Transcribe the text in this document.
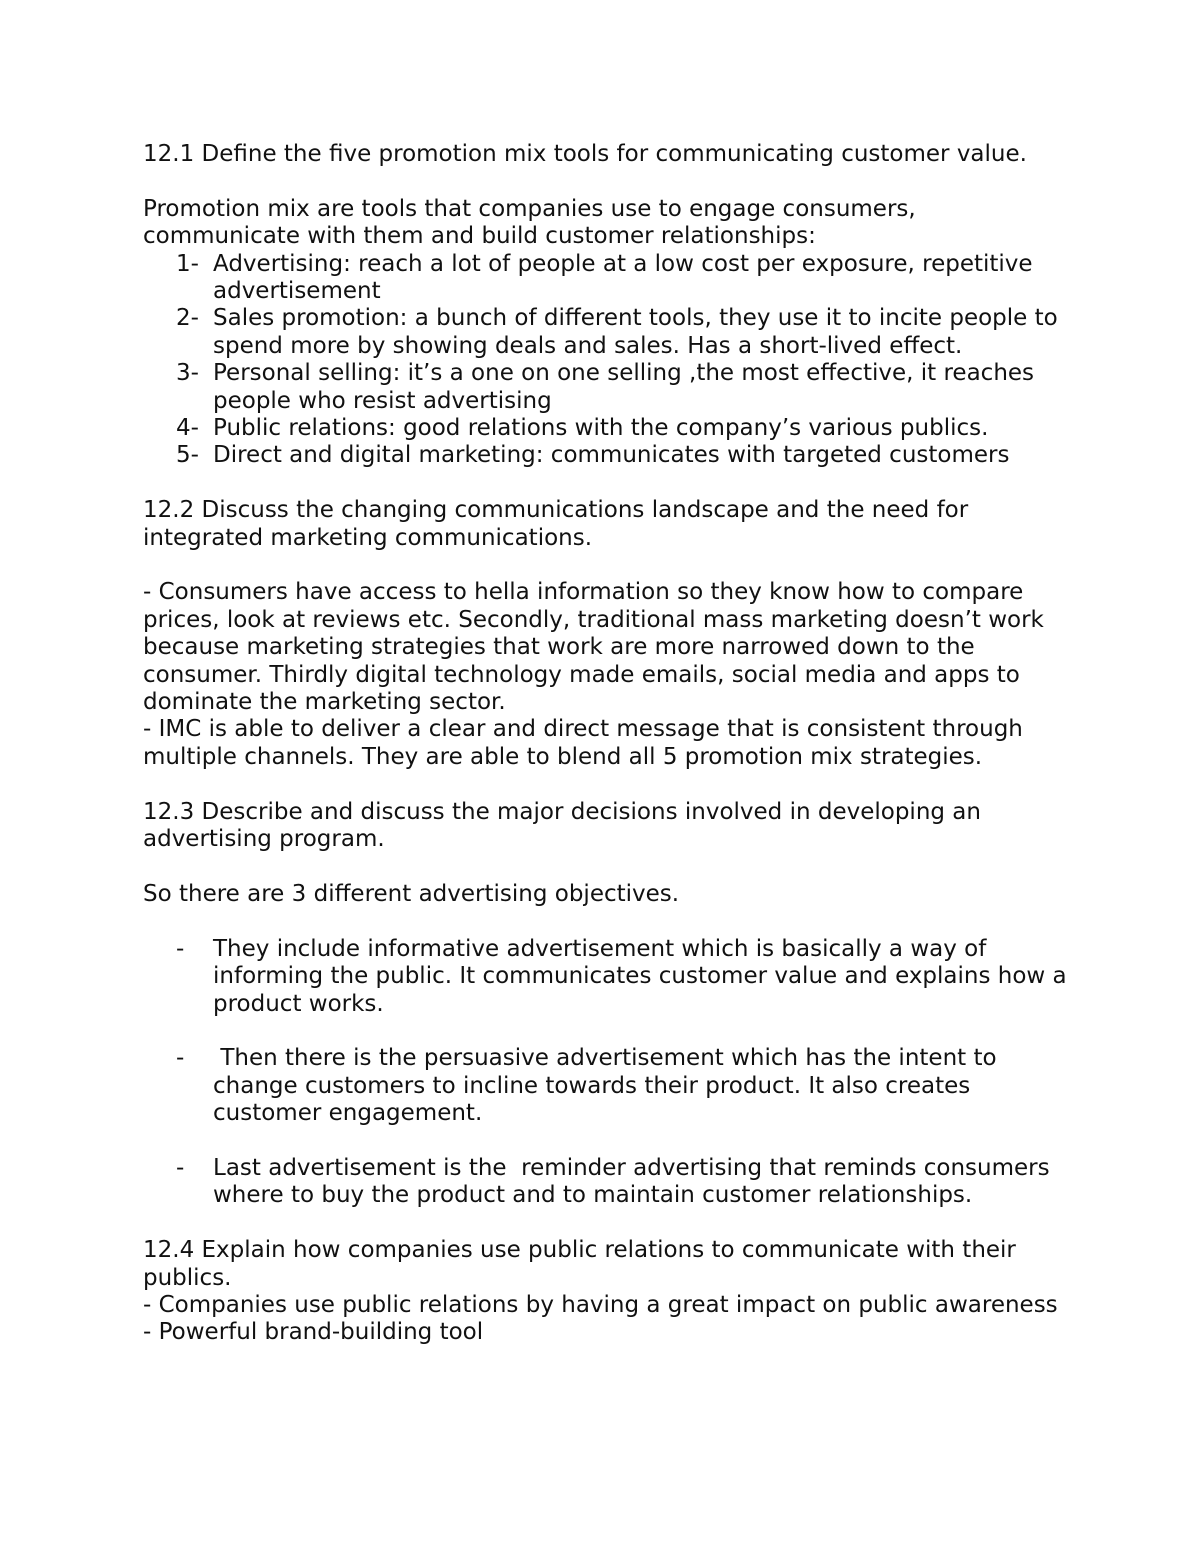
12.1 Define the five promotion mix tools for communicating customer value.

Promotion mix are tools that companies use to engage consumers, communicate with them and build customer relationships:

1- Advertising: reach a lot of people at a low cost per exposure, repetitive advertisement
2- Sales promotion: a bunch of different tools, they use it to incite people to spend more by showing deals and sales. Has a short-lived effect.
3- Personal selling: it’s a one on one selling ,the most effective, it reaches people who resist advertising
4- Public relations: good relations with the company’s various publics.
5- Direct and digital marketing: communicates with targeted customers

12.2 Discuss the changing communications landscape and the need for integrated marketing communications.

- Consumers have access to hella information so they know how to compare prices, look at reviews etc. Secondly, traditional mass marketing doesn’t work because marketing strategies that work are more narrowed down to the consumer. Thirdly digital technology made emails, social media and apps to dominate the marketing sector.

- IMC is able to deliver a clear and direct message that is consistent through multiple channels. They are able to blend all 5 promotion mix strategies.

12.3 Describe and discuss the major decisions involved in developing an advertising program.

So there are 3 different advertising objectives.

- They include informative advertisement which is basically a way of informing the public. It communicates customer value and explains how a product works.
- Then there is the persuasive advertisement which has the intent to change customers to incline towards their product. It also creates customer engagement.
- Last advertisement is the  reminder advertising that reminds consumers where to buy the product and to maintain customer relationships.

12.4 Explain how companies use public relations to communicate with their publics.

- Companies use public relations by having a great impact on public awareness

- Powerful brand-building tool
